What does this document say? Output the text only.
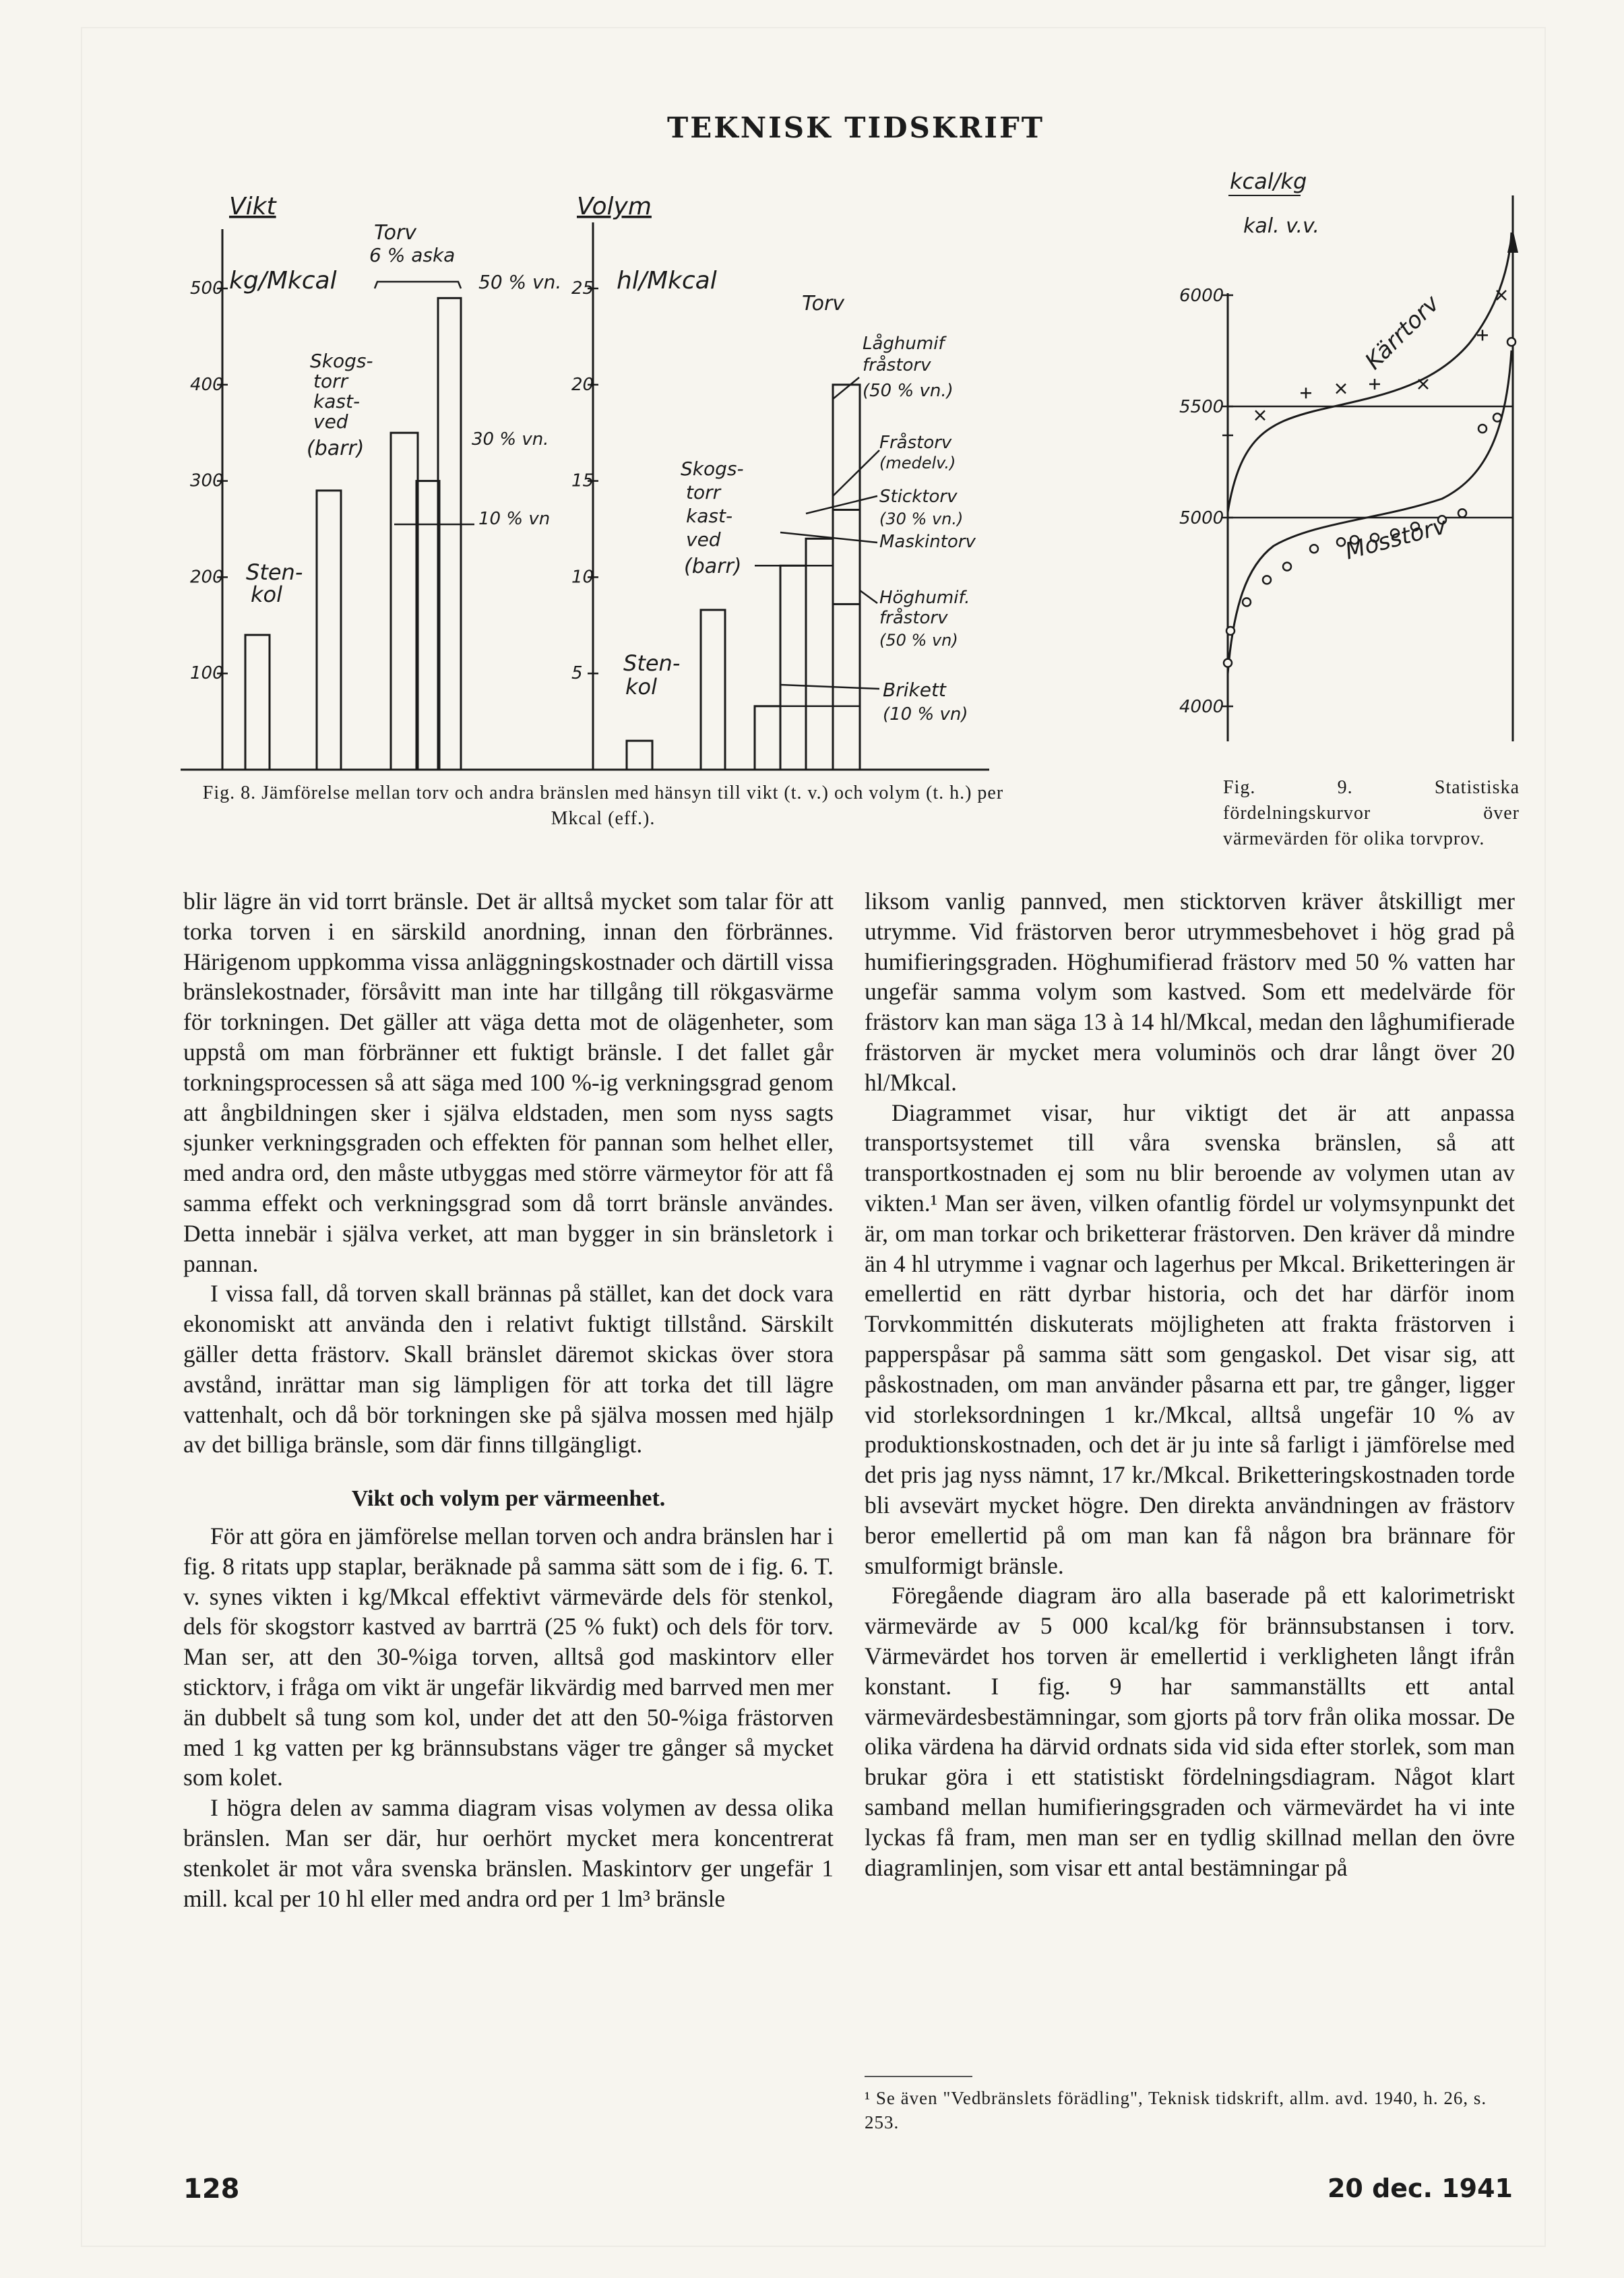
TEKNISK TIDSKRIFT
Vikt
kg/Mkcal
500
400
300
200
100
Volym
hl/Mkcal
25
20
15
10
5
Sten-
kol
Skogs-
torr
kast-
ved
(barr)
Torv
6 % aska
50 % vn.
30 % vn.
10 % vn
Torv
Skogs-
torr
kast-
ved
(barr)
Sten-
kol
Låghumif
fråstorv
(50 % vn.)
Fråstorv
(medelv.)
Sticktorv
(30 % vn.)
Maskintorv
Höghumif.
fråstorv
(50 % vn)
Brikett
(10 % vn)
Fig. 8. Jämförelse mellan torv och andra bränslen med hänsyn till vikt (t. v.) och volym (t. h.) per Mkcal (eff.).
kcal/kg
kal. v.v.
6000
5500
5000
4000
Kärrtorv
Mosstorv
Fig. 9. Statistiska fördelningskurvor över värmevärden för olika torvprov.

blir lägre än vid torrt bränsle. Det är alltså mycket som talar för att torka torven i en särskild anordning, innan den förbrännes. Härigenom uppkomma vissa anläggningskostnader och därtill vissa bränslekostnader, försåvitt man inte har tillgång till rökgasvärme för torkningen. Det gäller att väga detta mot de olägenheter, som uppstå om man förbränner ett fuktigt bränsle. I det fallet går torkningsprocessen så att säga med 100 %-ig verkningsgrad genom att ångbildningen sker i själva eldstaden, men som nyss sagts sjunker verkningsgraden och effekten för pannan som helhet eller, med andra ord, den måste utbyggas med större värmeytor för att få samma effekt och verkningsgrad som då torrt bränsle användes. Detta innebär i själva verket, att man bygger in sin bränsletork i pannan.

I vissa fall, då torven skall brännas på stället, kan det dock vara ekonomiskt att använda den i relativt fuktigt tillstånd. Särskilt gäller detta frästorv. Skall bränslet däremot skickas över stora avstånd, inrättar man sig lämpligen för att torka det till lägre vattenhalt, och då bör torkningen ske på själva mossen med hjälp av det billiga bränsle, som där finns tillgängligt.

Vikt och volym per värmeenhet.

För att göra en jämförelse mellan torven och andra bränslen har i fig. 8 ritats upp staplar, beräknade på samma sätt som de i fig. 6. T. v. synes vikten i kg/Mkcal effektivt värmevärde dels för stenkol, dels för skogstorr kastved av barrträ (25 % fukt) och dels för torv. Man ser, att den 30-%iga torven, alltså god maskintorv eller sticktorv, i fråga om vikt är ungefär likvärdig med barrved men mer än dubbelt så tung som kol, under det att den 50-%iga frästorven med 1 kg vatten per kg brännsubstans väger tre gånger så mycket som kolet.

I högra delen av samma diagram visas volymen av dessa olika bränslen. Man ser där, hur oerhört mycket mera koncentrerat stenkolet är mot våra svenska bränslen. Maskintorv ger ungefär 1 mill. kcal per 10 hl eller med andra ord per 1 lm³ bränsle

liksom vanlig pannved, men sticktorven kräver åtskilligt mer utrymme. Vid frästorven beror utrymmesbehovet i hög grad på humifieringsgraden. Höghumifierad frästorv med 50 % vatten har ungefär samma volym som kastved. Som ett medelvärde för frästorv kan man säga 13 à 14 hl/Mkcal, medan den låghumifierade frästorven är mycket mera voluminös och drar långt över 20 hl/Mkcal.

Diagrammet visar, hur viktigt det är att anpassa transportsystemet till våra svenska bränslen, så att transportkostnaden ej som nu blir beroende av volymen utan av vikten.¹ Man ser även, vilken ofantlig fördel ur volymsynpunkt det är, om man torkar och briketterar frästorven. Den kräver då mindre än 4 hl utrymme i vagnar och lagerhus per Mkcal. Briketteringen är emellertid en rätt dyrbar historia, och det har därför inom Torvkommittén diskuterats möjligheten att frakta frästorven i papperspåsar på samma sätt som gengaskol. Det visar sig, att påskostnaden, om man använder påsarna ett par, tre gånger, ligger vid storleksordningen 1 kr./Mkcal, alltså ungefär 10 % av produktionskostnaden, och det är ju inte så farligt i jämförelse med det pris jag nyss nämnt, 17 kr./Mkcal. Briketteringskostnaden torde bli avsevärt mycket högre. Den direkta användningen av frästorv beror emellertid på om man kan få någon bra brännare för smulformigt bränsle.

Föregående diagram äro alla baserade på ett kalorimetriskt värmevärde av 5 000 kcal/kg för brännsubstansen i torv. Värmevärdet hos torven är emellertid i verkligheten långt ifrån konstant. I fig. 9 har sammanställts ett antal värmevärdesbestämningar, som gjorts på torv från olika mossar. De olika värdena ha därvid ordnats sida vid sida efter storlek, som man brukar göra i ett statistiskt fördelningsdiagram. Något klart samband mellan humifieringsgraden och värmevärdet ha vi inte lyckas få fram, men man ser en tydlig skillnad mellan den övre diagramlinjen, som visar ett antal bestämningar på

¹ Se även "Vedbränslets förädling", Teknisk tidskrift, allm. avd. 1940, h. 26, s. 253.
128	20 dec. 1941
